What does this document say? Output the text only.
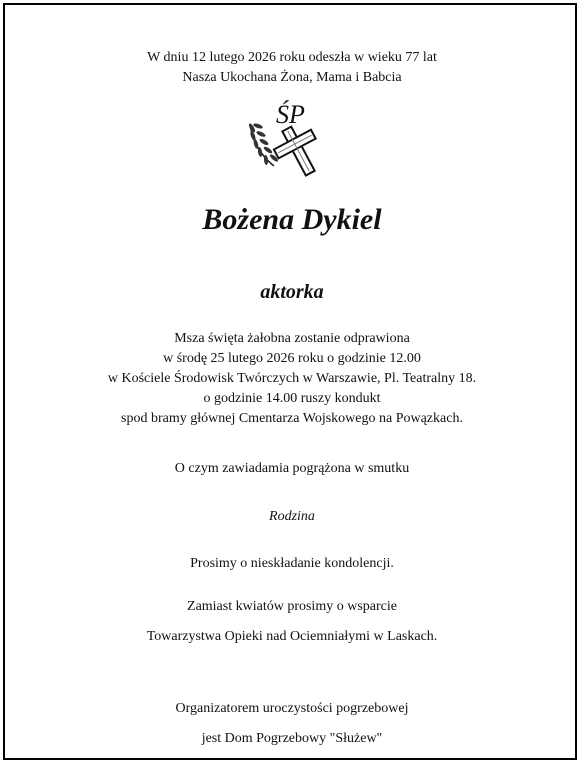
W dniu 12 lutego 2026 roku odeszła w wieku 77 lat
Nasza Ukochana Żona, Mama i Babcia
ŚP
Bożena Dykiel
aktorka
Msza święta żałobna zostanie odprawiona
w środę 25 lutego 2026 roku o godzinie 12.00
w Kościele Środowisk Twórczych w Warszawie, Pl. Teatralny 18.
o godzinie 14.00 ruszy kondukt
spod bramy głównej Cmentarza Wojskowego na Powązkach.
O czym zawiadamia pogrążona w smutku
Rodzina
Prosimy o nieskładanie kondolencji.
Zamiast kwiatów prosimy o wsparcie
Towarzystwa Opieki nad Ociemniałymi w Laskach.
Organizatorem uroczystości pogrzebowej
jest Dom Pogrzebowy "Służew"
